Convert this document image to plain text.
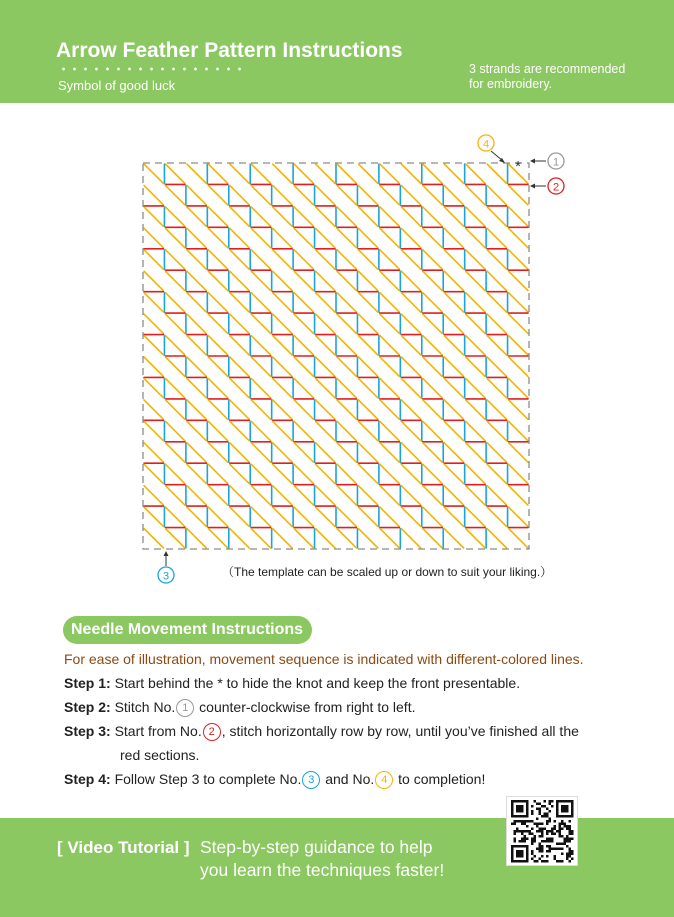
Arrow Feather Pattern Instructions
Symbol of good luck
3 strands are recommended
for embroidery.
4
*	1
2
3	（The template can be scaled up or down to suit your liking.）
Needle Movement Instructions
For ease of illustration, movement sequence is indicated with different-colored lines.
Step 1: Start behind the * to hide the knot and keep the front presentable.
Step 2: Stitch No. 1 counter-clockwise from right to left.
Step 3: Start from No. 2 , stitch horizontally row by row, until you’ve finished all the
red sections.
Step 4: Follow Step 3 to complete No. 3 and No. 4 to completion!
[ Video Tutorial ] Step-by-step guidance to help
you learn the techniques faster!
